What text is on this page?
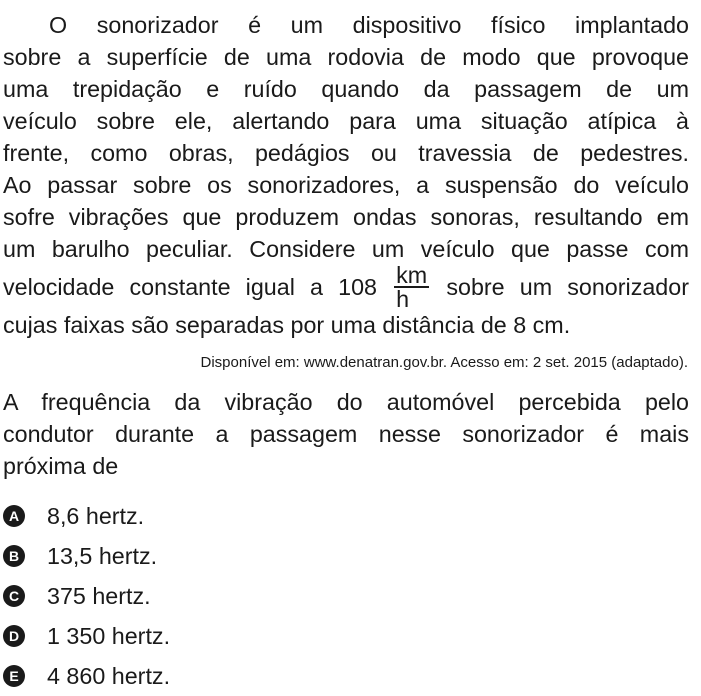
O sonorizador é um dispositivo físico implantado
sobre a superfície de uma rodovia de modo que provoque
uma trepidação e ruído quando da passagem de um
veículo sobre ele, alertando para uma situação atípica à
frente, como obras, pedágios ou travessia de pedestres.
Ao passar sobre os sonorizadores, a suspensão do veículo
sofre vibrações que produzem ondas sonoras, resultando em
um barulho peculiar. Considere um veículo que passe com
velocidade constante igual a $108 \frac{km}{h}$ sobre um sonorizador
cujas faixas são separadas por uma distância de 8 cm.
Disponível em: www.denatran.gov.br. Acesso em: 2 set. 2015 (adaptado).
A frequência da vibração do automóvel percebida pelo
condutor durante a passagem nesse sonorizador é mais
próxima de
A 8,6 hertz.
B 13,5 hertz.
C 375 hertz.
D 1 350 hertz.
E 4 860 hertz.
